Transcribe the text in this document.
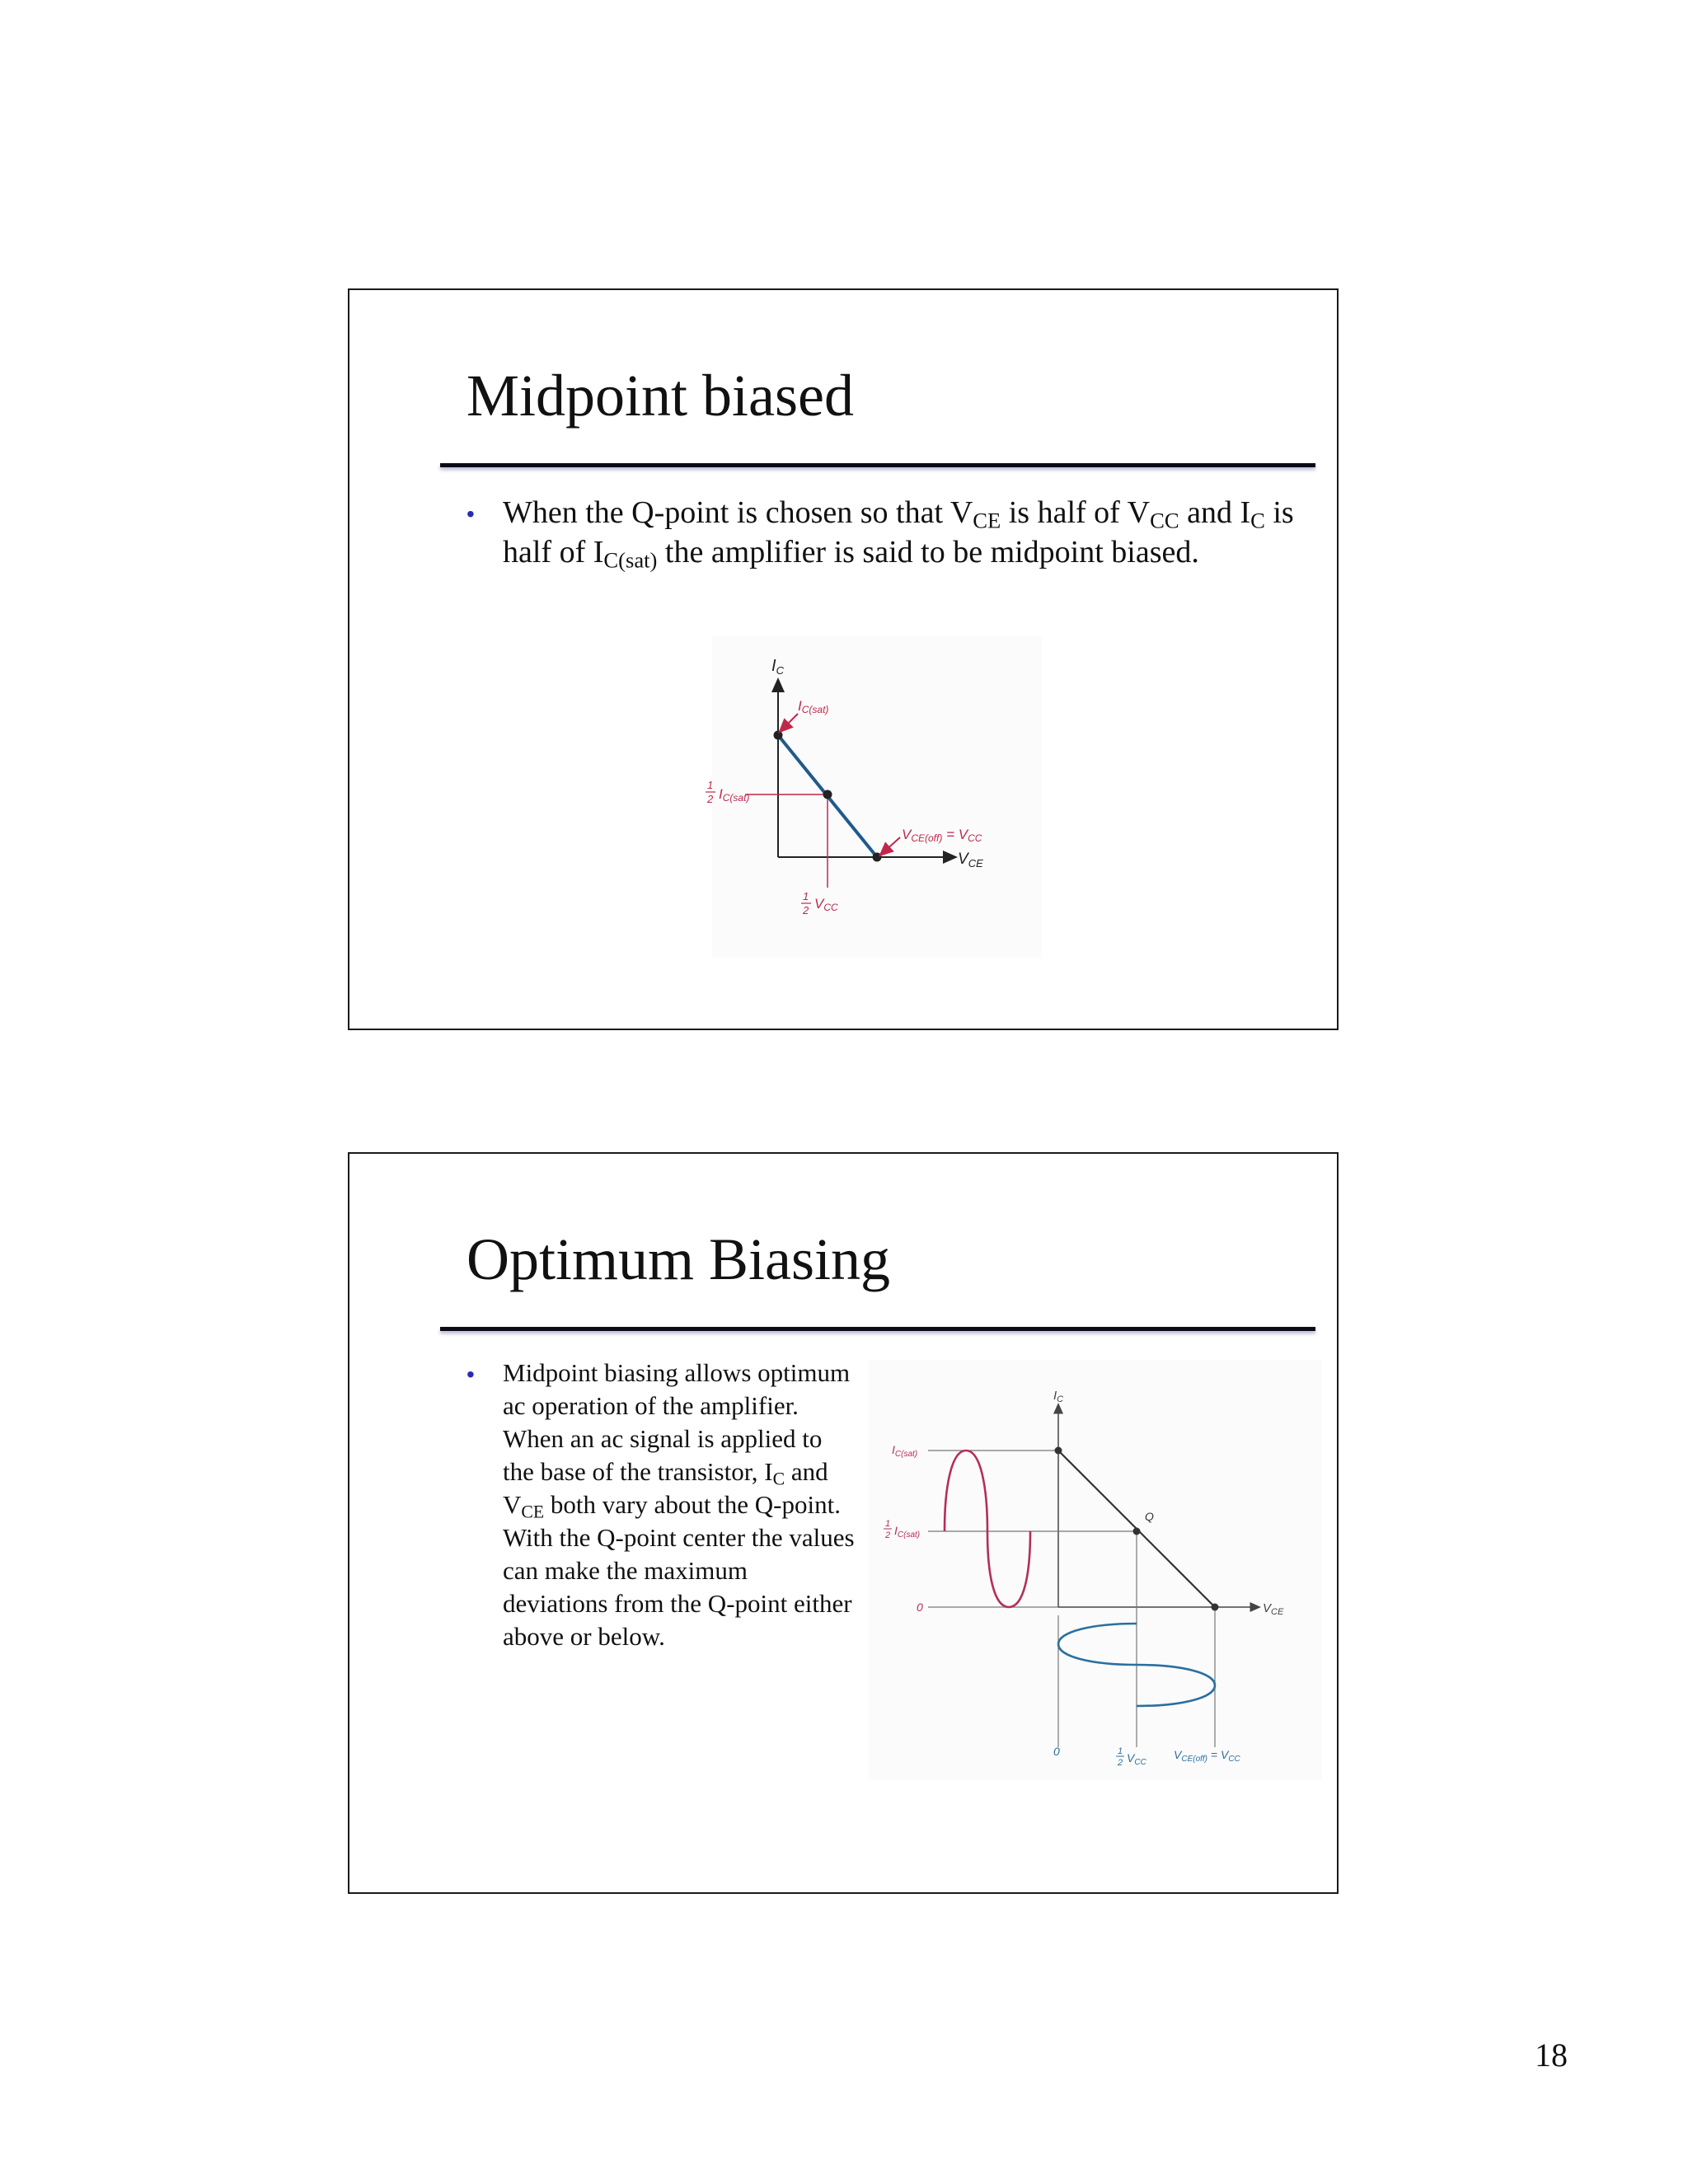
Midpoint biased
• When the Q-point is chosen so that $V_{CE}$ is half of $V_{CC}$ and $I_C$ is half of $I_{C(sat)}$ the amplifier is said to be midpoint biased.
$I_C$
$V_{CE}$
IC(sat)
1
2 IC(sat)
1
2 VCC
VCE(off) = VCC
Optimum Biasing
• Midpoint biasing allows optimum ac operation of the amplifier. When an ac signal is applied to the base of the transistor, $I_C$ and $V_{CE}$ both vary about the Q-point. With the Q-point center the values can make the maximum deviations from the Q-point either above or below.
$I_C$
$V_{CE}$
$I_{C(sat)}$
1
2 $I_{C(sat)}$
0
Q
0	1
2 $V_{CC}$
$V_{CE(off)} = V_{CC}$
18
